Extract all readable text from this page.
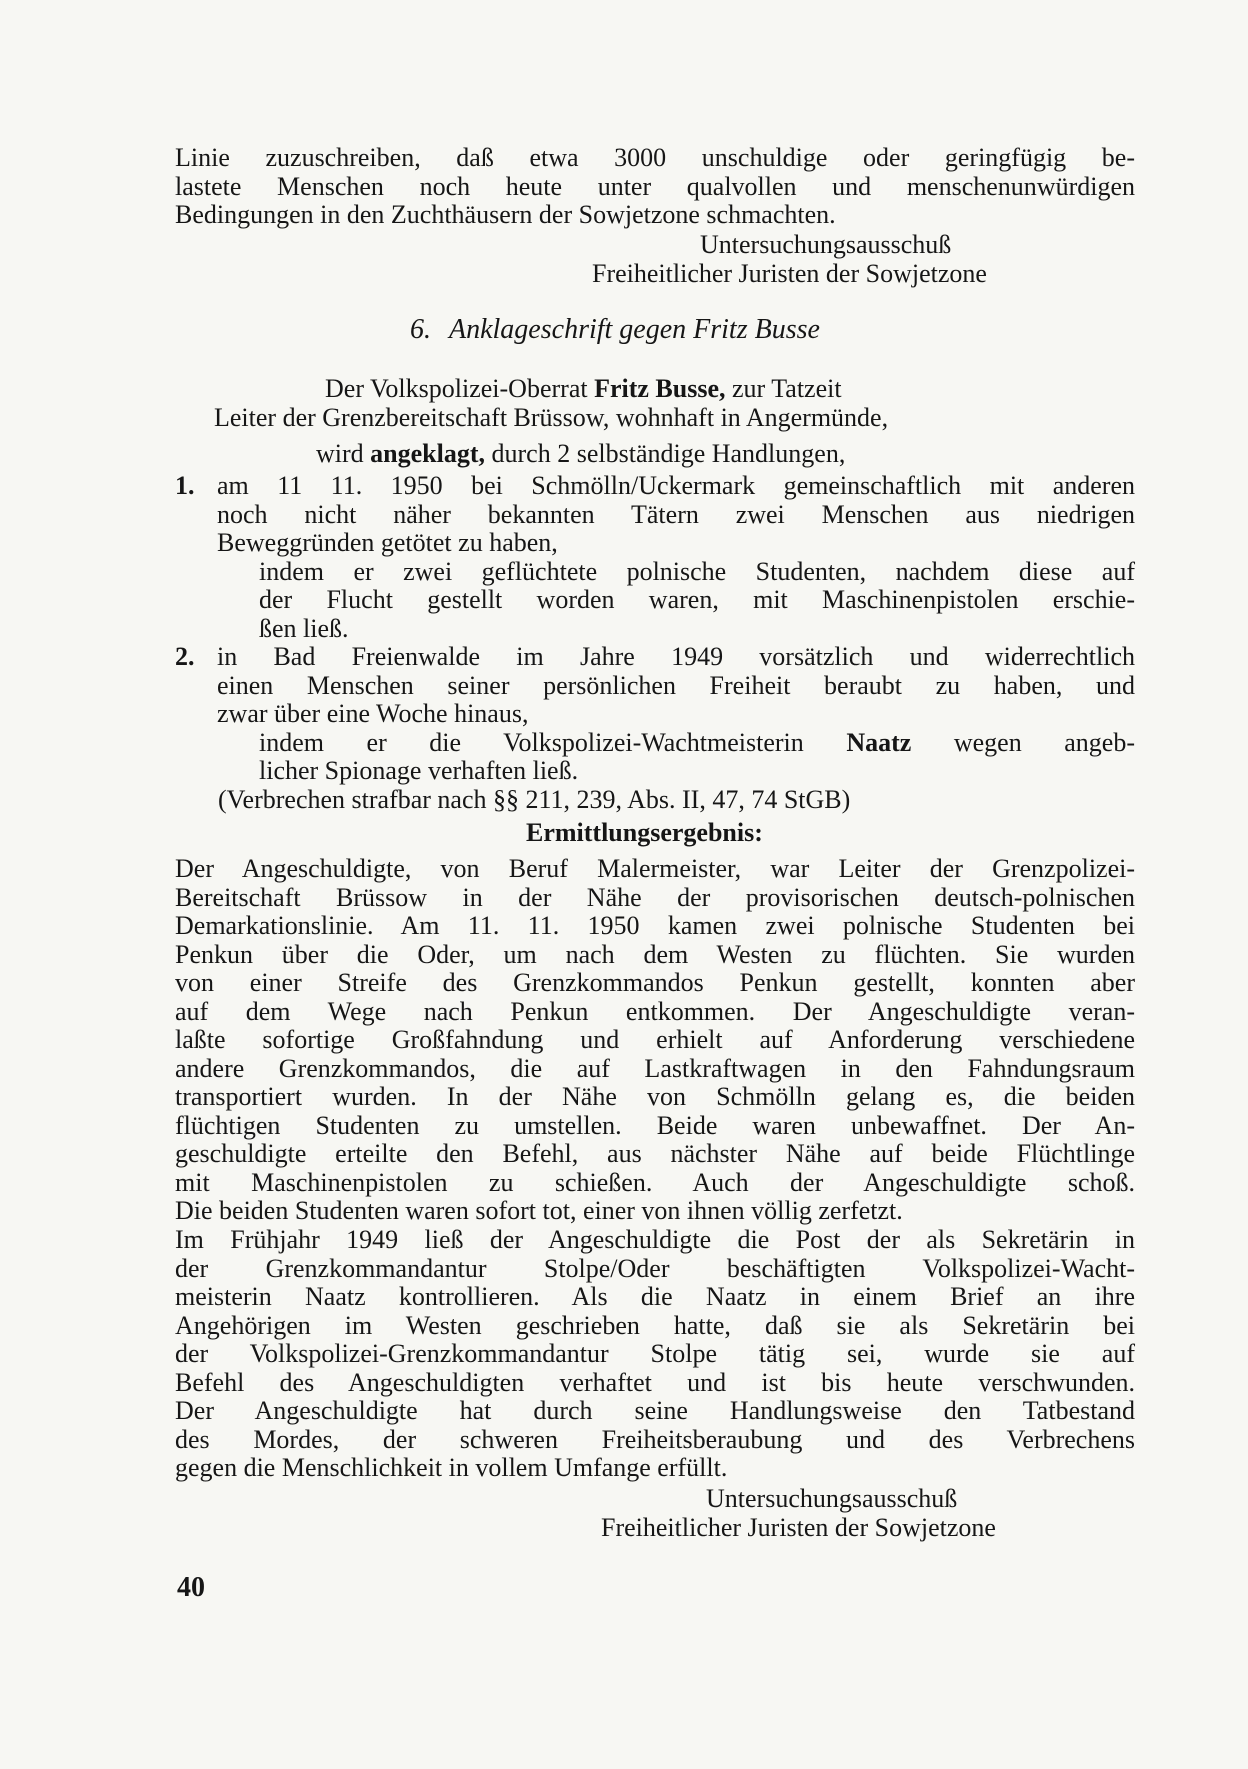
Linie zuzuschreiben, daß etwa 3000 unschuldige oder geringfügig be-

lastete Menschen noch heute unter qualvollen und menschenunwürdigen

Bedingungen in den Zuchthäusern der Sowjetzone schmachten.

Untersuchungsausschuß
Freiheitlicher Juristen der Sowjetzone
6. Anklageschrift gegen Fritz Busse
Der Volkspolizei-Oberrat Fritz Busse, zur Tatzeit
Leiter der Grenzbereitschaft Brüssow, wohnhaft in Angermünde,
wird angeklagt, durch 2 selbständige Handlungen,
1. am 11 11. 1950 bei Schmölln/Uckermark gemeinschaftlich mit anderen

noch nicht näher bekannten Tätern zwei Menschen aus niedrigen

Beweggründen getötet zu haben,

indem er zwei geflüchtete polnische Studenten, nachdem diese auf

der Flucht gestellt worden waren, mit Maschinenpistolen erschie-

ßen ließ.

2. in Bad Freienwalde im Jahre 1949 vorsätzlich und widerrechtlich

einen Menschen seiner persönlichen Freiheit beraubt zu haben, und

zwar über eine Woche hinaus,

indem er die Volkspolizei-Wachtmeisterin Naatz wegen angeb-

licher Spionage verhaften ließ.

(Verbrechen strafbar nach §§ 211, 239, Abs. II, 47, 74 StGB)
Ermittlungsergebnis:

Der Angeschuldigte, von Beruf Malermeister, war Leiter der Grenzpolizei-

Bereitschaft Brüssow in der Nähe der provisorischen deutsch-polnischen

Demarkationslinie. Am 11. 11. 1950 kamen zwei polnische Studenten bei

Penkun über die Oder, um nach dem Westen zu flüchten. Sie wurden

von einer Streife des Grenzkommandos Penkun gestellt, konnten aber

auf dem Wege nach Penkun entkommen. Der Angeschuldigte veran-

laßte sofortige Großfahndung und erhielt auf Anforderung verschiedene

andere Grenzkommandos, die auf Lastkraftwagen in den Fahndungsraum

transportiert wurden. In der Nähe von Schmölln gelang es, die beiden

flüchtigen Studenten zu umstellen. Beide waren unbewaffnet. Der An-

geschuldigte erteilte den Befehl, aus nächster Nähe auf beide Flüchtlinge

mit Maschinenpistolen zu schießen. Auch der Angeschuldigte schoß.

Die beiden Studenten waren sofort tot, einer von ihnen völlig zerfetzt.

Im Frühjahr 1949 ließ der Angeschuldigte die Post der als Sekretärin in

der Grenzkommandantur Stolpe/Oder beschäftigten Volkspolizei-Wacht-

meisterin Naatz kontrollieren. Als die Naatz in einem Brief an ihre

Angehörigen im Westen geschrieben hatte, daß sie als Sekretärin bei

der Volkspolizei-Grenzkommandantur Stolpe tätig sei, wurde sie auf

Befehl des Angeschuldigten verhaftet und ist bis heute verschwunden.

Der Angeschuldigte hat durch seine Handlungsweise den Tatbestand

des Mordes, der schweren Freiheitsberaubung und des Verbrechens

gegen die Menschlichkeit in vollem Umfange erfüllt.

Untersuchungsausschuß
Freiheitlicher Juristen der Sowjetzone
40
